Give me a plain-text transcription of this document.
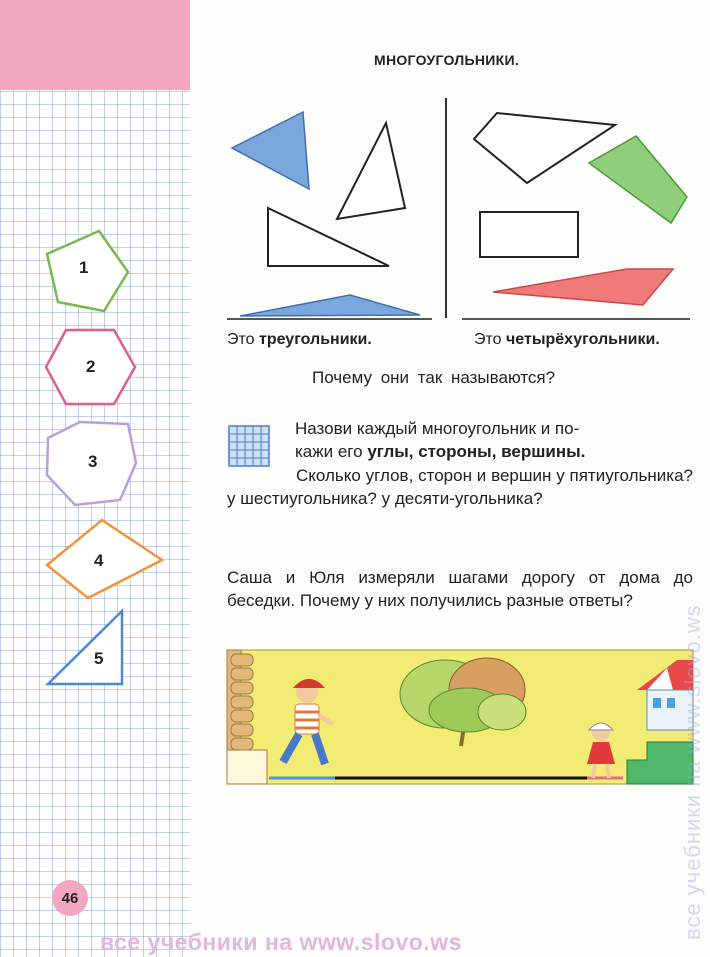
1
2
3
4
5
46
МНОГОУГОЛЬНИКИ.
Это треугольники.	Это четырёхугольники.
Почему они так называются?
Назови каждый многоугольник и по-
кажи его углы, стороны, вершины.
Сколько углов, сторон и вершин у пятиугольника? у шестиугольника? у десяти-угольника?
Саша и Юля измеряли шагами дорогу от дома до беседки. Почему у них получились разные ответы?
все учебники на www.slovo.ws
все учебники на www.slovo.ws
